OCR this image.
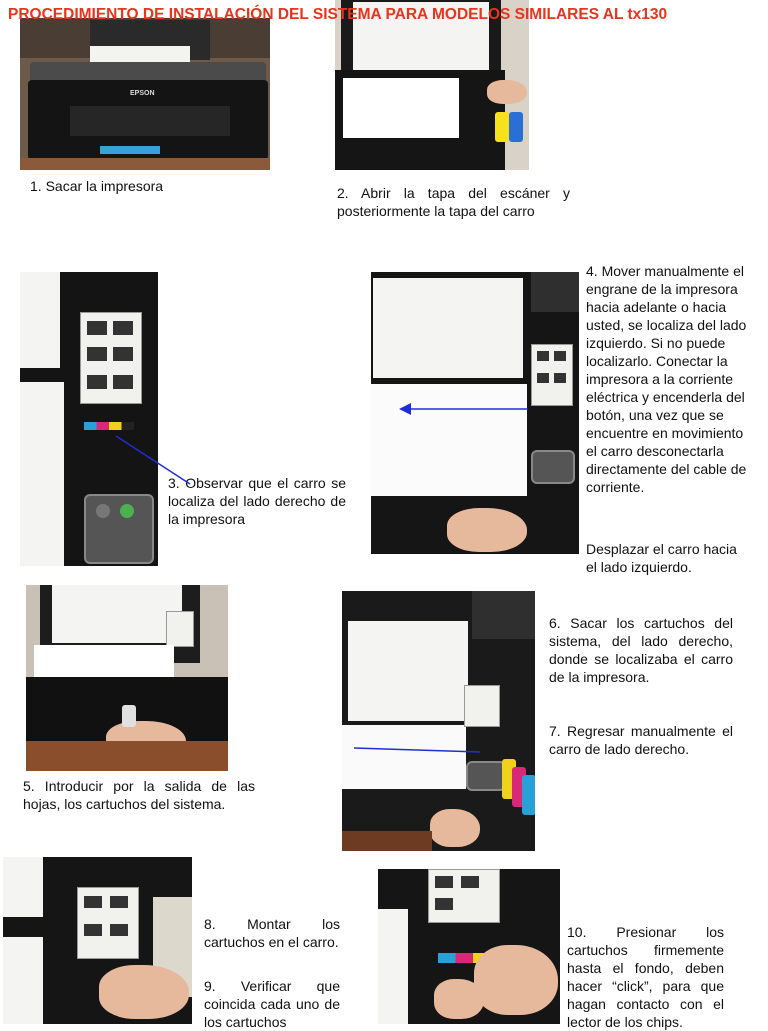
PROCEDIMIENTO DE INSTALACIÓN DEL SISTEMA PARA MODELOS SIMILARES AL tx130
EPSON
1. Sacar la impresora	2. Abrir la tapa del escáner y posteriormente la tapa del carro
3. Observar que el carro se localiza del lado derecho de la impresora
4. Mover manualmente el engrane de la impresora hacia adelante o hacia usted, se localiza del lado izquierdo. Si no puede localizarlo. Conectar la impresora a la corriente eléctrica y encenderla del botón, una vez que se encuentre en movimiento el carro desconectarla directamente del cable de corriente.
Desplazar el carro hacia el lado izquierdo.
5. Introducir por la salida de las hojas, los cartuchos del sistema.
6. Sacar los cartuchos del sistema, del lado derecho, donde se localizaba el carro de la impresora.
7. Regresar manualmente el carro de lado derecho.
8. Montar los cartuchos en el carro.
9. Verificar que coincida cada uno de los cartuchos
10. Presionar los cartuchos firmemente hasta el fondo, deben hacer “click”, para que hagan contacto con el lector de los chips.
